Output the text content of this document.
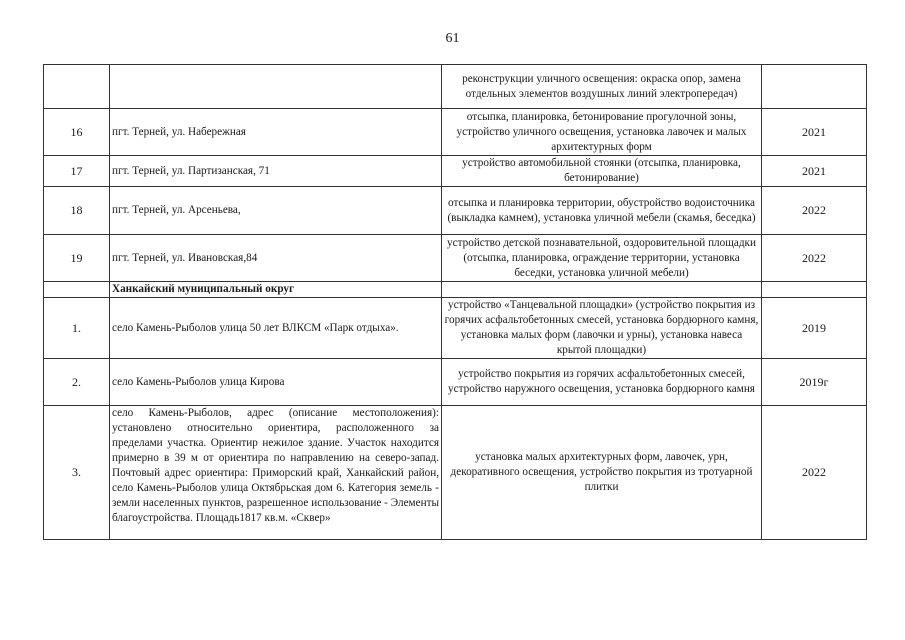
61
		реконструкции уличного освещения: окраска опор, замена отдельных элементов воздушных линий электропередач)	
16	пгт. Терней, ул. Набережная	отсыпка, планировка, бетонирование прогулочной зоны, устройство уличного освещения, установка лавочек и малых архитектурных форм	2021
17	пгт. Терней, ул. Партизанская, 71	устройство автомобильной стоянки (отсыпка, планировка, бетонирование)	2021
18	пгт. Терней, ул. Арсеньева,	отсыпка и планировка территории, обустройство водоисточника (выкладка камнем), установка уличной мебели (скамья, беседка)	2022
19	пгт. Терней, ул. Ивановская,84	устройство детской познавательной, оздоровительной площадки (отсыпка, планировка, ограждение территории, установка беседки, установка уличной мебели)	2022
	Ханкайский муниципальный округ		
1.	село Камень-Рыболов улица 50 лет ВЛКСМ «Парк отдыха».	устройство «Танцевальной площадки» (устройство покрытия из горячих асфальтобетонных смесей, установка бордюрного камня, установка малых форм (лавочки и урны), установка навеса крытой площадки)	2019
2.	село Камень-Рыболов улица Кирова	устройство покрытия из горячих асфальтобетонных смесей, устройство наружного освещения, установка бордюрного камня	2019г
3.	село Камень-Рыболов, адрес (описание местоположения): установлено относительно ориентира, расположенного за пределами участка. Ориентир нежилое здание. Участок находится примерно в 39 м от ориентира по направлению на северо-запад. Почтовый адрес ориентира: Приморский край, Ханкайский район, село Камень-Рыболов улица Октябрьская дом 6. Категория земель - земли населенных пунктов, разрешенное использование - Элементы благоустройства. Площадь1817 кв.м. «Сквер»	установка малых архитектурных форм, лавочек, урн, декоративного освещения, устройство покрытия из тротуарной плитки	2022
